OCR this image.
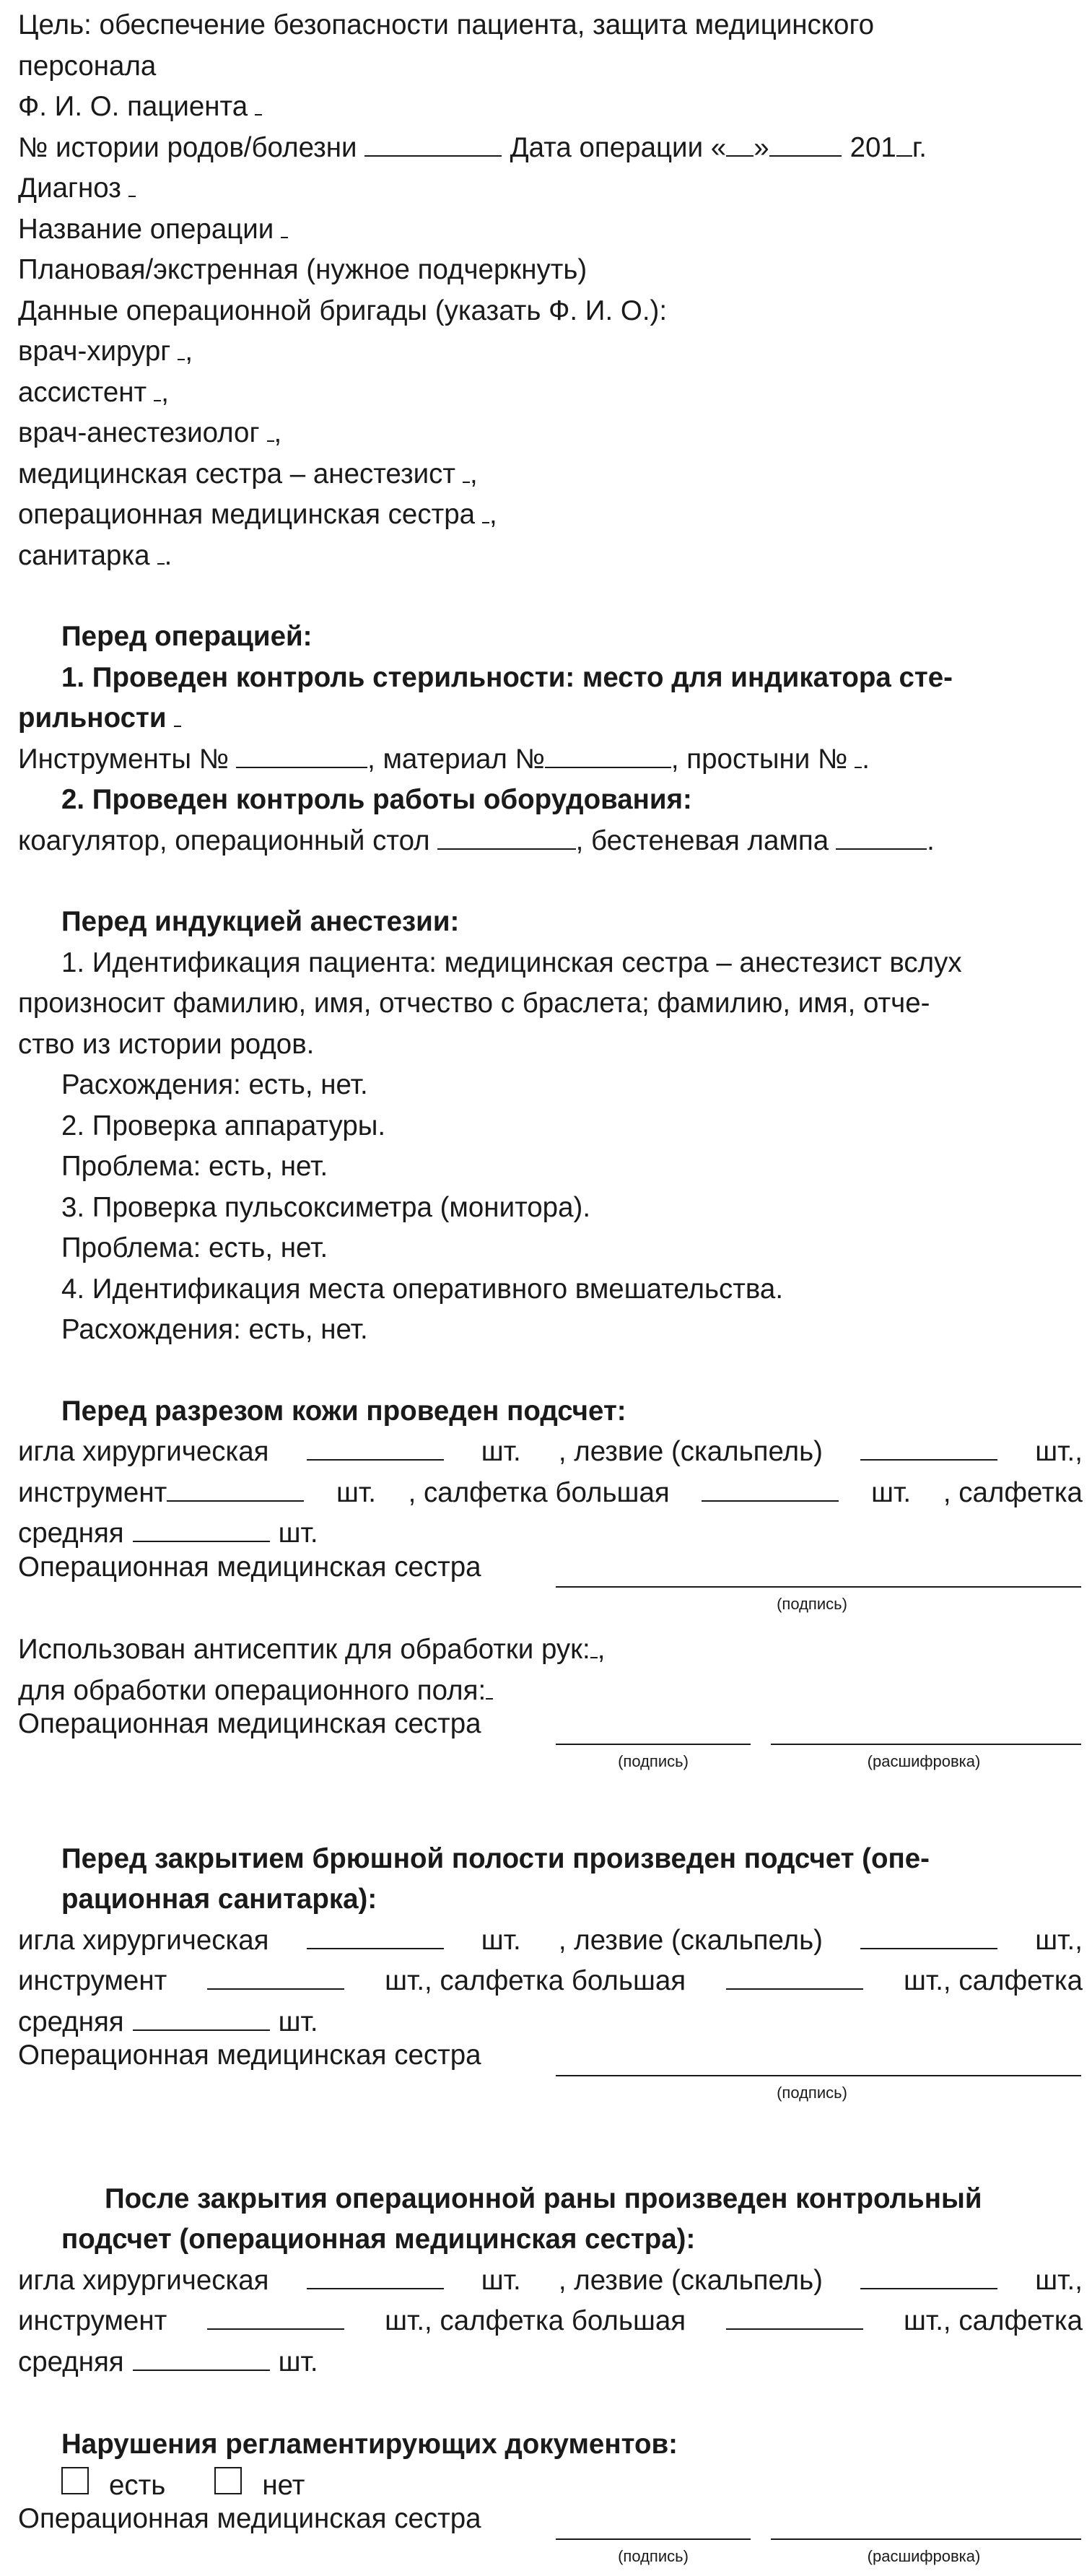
Цель: обеспечение безопасности пациента, защита медицинского
персонала
Ф. И. О. пациента
№ истории родов/болезни	Дата операции « »	201 г.
Диагноз
Название операции
Плановая/экстренная (нужное подчеркнуть)
Данные операционной бригады (указать Ф. И. О.):
врач-хирург ,
ассистент ,
врач-анестезиолог ,
медицинская сестра – анестезист ,
операционная медицинская сестра ,
санитарка .
Перед операцией:
1. Проведен контроль стерильности: место для индикатора сте-
рильности
Инструменты №	, материал №	, простыни № .
2. Проведен контроль работы оборудования:
коагулятор, операционный стол	, бестеневая лампа	.
Перед индукцией анестезии:
1. Идентификация пациента: медицинская сестра – анестезист вслух
произносит фамилию, имя, отчество с браслета; фамилию, имя, отче-
ство из истории родов.
Расхождения: есть, нет.
2. Проверка аппаратуры.
Проблема: есть, нет.
3. Проверка пульсоксиметра (монитора).
Проблема: есть, нет.
4. Идентификация места оперативного вмешательства.
Расхождения: есть, нет.
Перед разрезом кожи проведен подсчет:
игла хирургическая	шт. , лезвие (скальпель)	шт.,
инструмент	шт. , салфетка большая	шт. , салфетка
средняя	шт.
Операционная медицинская сестра
(подпись)
Использован антисептик для обработки рук: ,
для обработки операционного поля:
Операционная медицинская сестра
(подпись)	(расшифровка)
Перед закрытием брюшной полости произведен подсчет (опе-
рационная санитарка):
игла хирургическая	шт. , лезвие (скальпель)	шт.,
инструмент	шт., салфетка большая	шт., салфетка
средняя	шт.
Операционная медицинская сестра
(подпись)
После закрытия операционной раны произведен контрольный
подсчет (операционная медицинская сестра):
игла хирургическая	шт. , лезвие (скальпель)	шт.,
инструмент	шт., салфетка большая	шт., салфетка
средняя	шт.
Нарушения регламентирующих документов:
есть	нет
Операционная медицинская сестра
(подпись)	(расшифровка)
